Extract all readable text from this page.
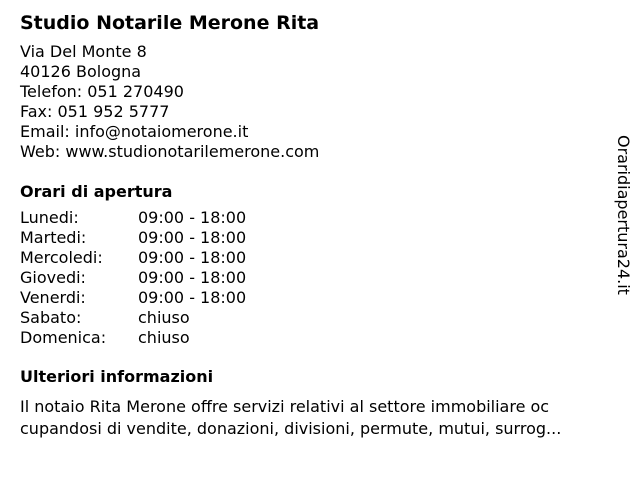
Studio Notarile Merone Rita
Via Del Monte 8
40126 Bologna
Telefon: 051 270490
Fax: 051 952 5777
Email: info@notaiomerone.it
Web: www.studionotarilemerone.com
Orari di apertura
Lunedi:	09:00 - 18:00
Martedi:	09:00 - 18:00
Mercoledi:	09:00 - 18:00
Giovedi:	09:00 - 18:00
Venerdi:	09:00 - 18:00
Sabato:	chiuso
Domenica:	chiuso
Ulteriori informazioni

Il notaio Rita Merone offre servizi relativi al settore immobiliare oc
cupandosi di vendite, donazioni, divisioni, permute, mutui, surrog...

Oraridiapertura24.it
